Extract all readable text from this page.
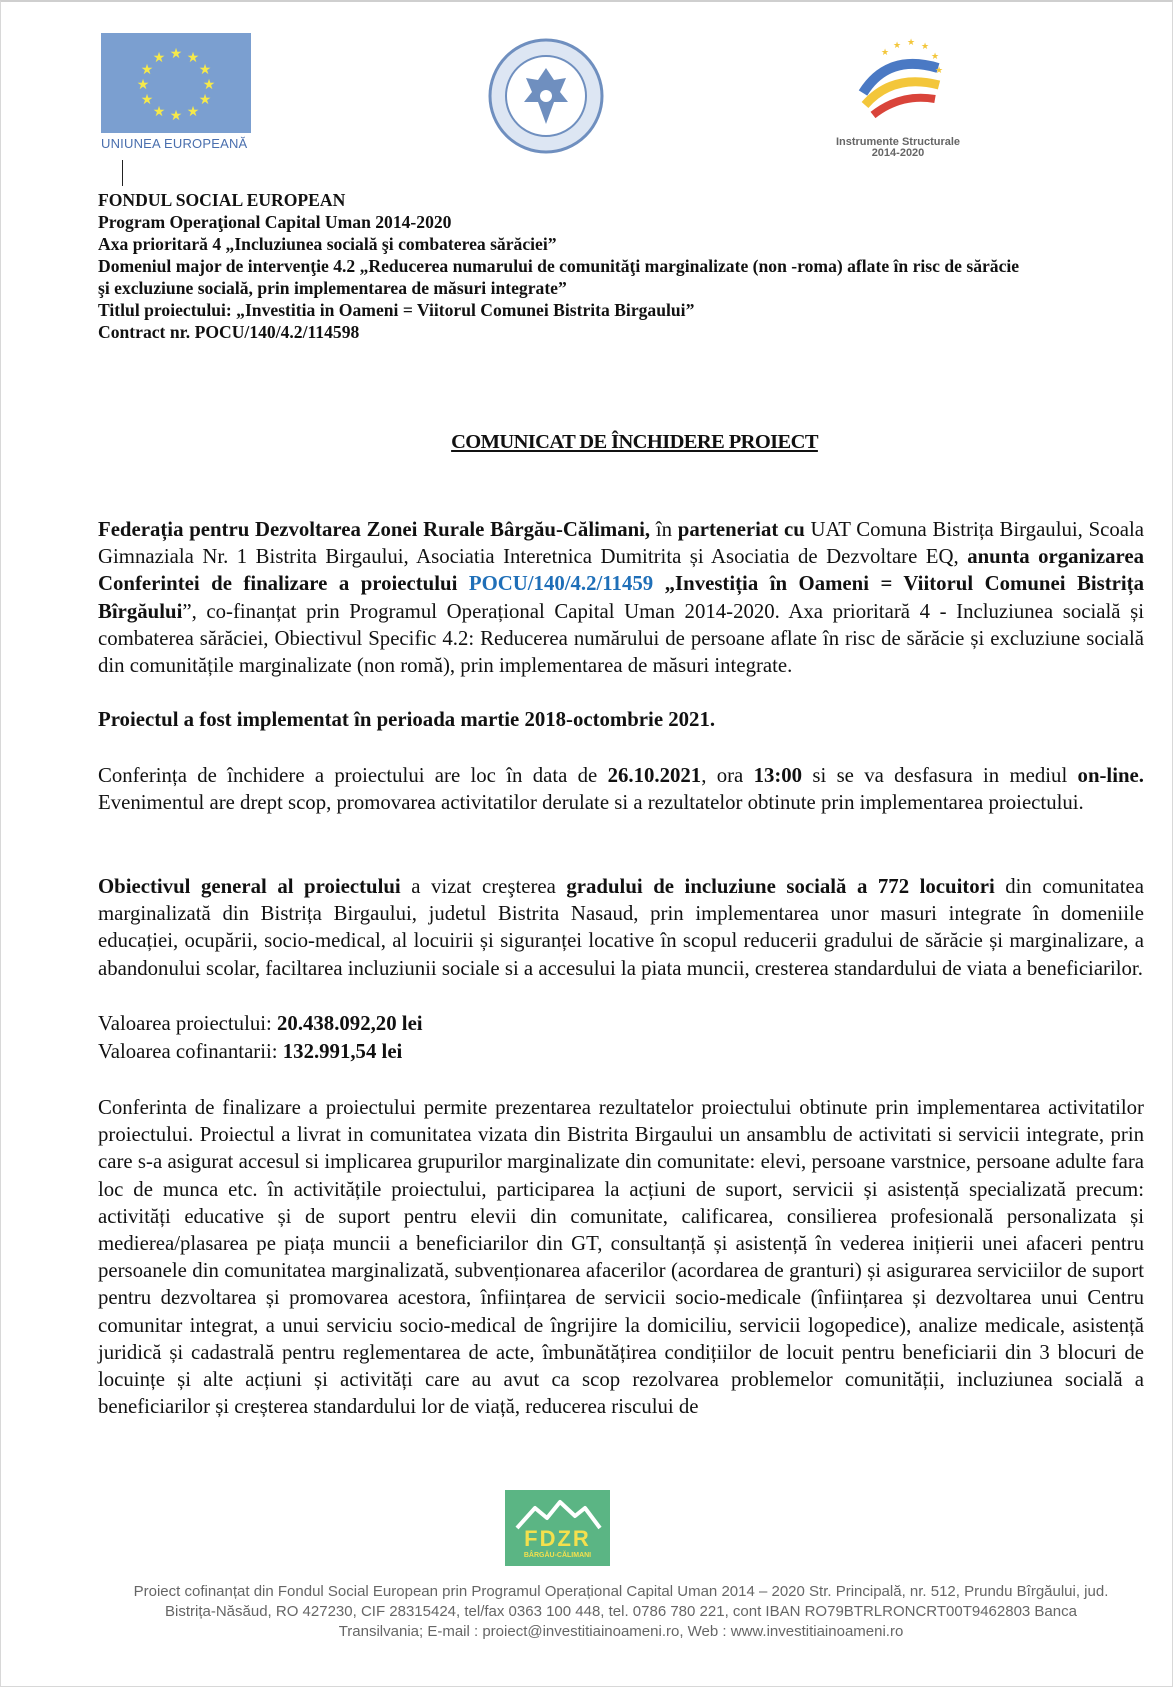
★ ★
★
★
★
★
★
★
★
★
★
★
UNIUNEA EUROPEANĂ
★ ★ ★
★
★
★
Instrumente Structurale
2014-2020
FONDUL SOCIAL EUROPEAN
Program Operaţional Capital Uman 2014-2020
Axa prioritară 4 „Incluziunea socială şi combaterea sărăciei”
Domeniul major de intervenţie 4.2 „Reducerea numarului de comunităţi marginalizate (non -roma) aflate în risc de sărăcie
şi excluziune socială, prin implementarea de măsuri integrate”
Titlul proiectului: „Investitia in Oameni = Viitorul Comunei Bistrita Birgaului”
Contract nr. POCU/140/4.2/114598
COMUNICAT DE ÎNCHIDERE PROIECT
Federația pentru Dezvoltarea Zonei Rurale Bârgău-Călimani, în parteneriat cu UAT Comuna Bistrița Birgaului, Scoala Gimnaziala Nr. 1 Bistrita Birgaului, Asociatia Interetnica Dumitrita și Asociatia de Dezvoltare EQ, anunta organizarea Conferintei de finalizare a proiectului POCU/140/4.2/11459 „Investiția în Oameni = Viitorul Comunei Bistrița Bîrgăului”, co-finanțat prin Programul Operațional Capital Uman 2014-2020. Axa prioritară 4 - Incluziunea socială și combaterea sărăciei, Obiectivul Specific 4.2: Reducerea numărului de persoane aflate în risc de sărăcie și excluziune socială din comunitățile marginalizate (non romă), prin implementarea de măsuri integrate.
Proiectul a fost implementat în perioada martie 2018-octombrie 2021.
Conferința de închidere a proiectului are loc în data de 26.10.2021, ora 13:00 si se va desfasura in mediul on-line. Evenimentul are drept scop, promovarea activitatilor derulate si a rezultatelor obtinute prin implementarea proiectului.
Obiectivul general al proiectului a vizat creşterea gradului de incluziune socială a 772 locuitori din comunitatea marginalizată din Bistrița Birgaului, judetul Bistrita Nasaud, prin implementarea unor masuri integrate în domeniile educației, ocupării, socio-medical, al locuirii și siguranței locative în scopul reducerii gradului de sărăcie și marginalizare, a abandonului scolar, faciltarea incluziunii sociale si a accesului la piata muncii, cresterea standardului de viata a beneficiarilor.
Valoarea proiectului: 20.438.092,20 lei
Valoarea cofinantarii: 132.991,54 lei
Conferinta de finalizare a proiectului permite prezentarea rezultatelor proiectului obtinute prin implementarea activitatilor proiectului. Proiectul a livrat in comunitatea vizata din Bistrita Birgaului un ansamblu de activitati si servicii integrate, prin care s-a asigurat accesul si implicarea grupurilor marginalizate din comunitate: elevi, persoane varstnice, persoane adulte fara loc de munca etc. în activitățile proiectului, participarea la acțiuni de suport, servicii și asistență specializată precum: activități educative și de suport pentru elevii din comunitate, calificarea, consilierea profesională personalizata și medierea/plasarea pe piața muncii a beneficiarilor din GT, consultanță și asistență în vederea inițierii unei afaceri pentru persoanele din comunitatea marginalizată, subvenționarea afacerilor (acordarea de granturi) și asigurarea serviciilor de suport pentru dezvoltarea și promovarea acestora, înființarea de servicii socio-medicale (înființarea și dezvoltarea unui Centru comunitar integrat, a unui serviciu socio-medical de îngrijire la domiciliu, servicii logopedice), analize medicale, asistență juridică și cadastrală pentru reglementarea de acte, îmbunătățirea condițiilor de locuit pentru beneficiarii din 3 blocuri de locuințe și alte acțiuni și activități care au avut ca scop rezolvarea problemelor comunității, incluziunea socială a beneficiarilor și creșterea standardului lor de viață, reducerea riscului de
FDZR
BÂRGĂU-CĂLIMANI
Proiect cofinanțat din Fondul Social European prin Programul Operațional Capital Uman 2014 – 2020 Str. Principală, nr. 512, Prundu Bîrgăului, jud.
Bistrița-Năsăud, RO 427230, CIF 28315424, tel/fax 0363 100 448, tel. 0786 780 221, cont IBAN RO79BTRLRONCRT00T9462803 Banca
Transilvania; E-mail : proiect@investitiainoameni.ro, Web : www.investitiainoameni.ro
